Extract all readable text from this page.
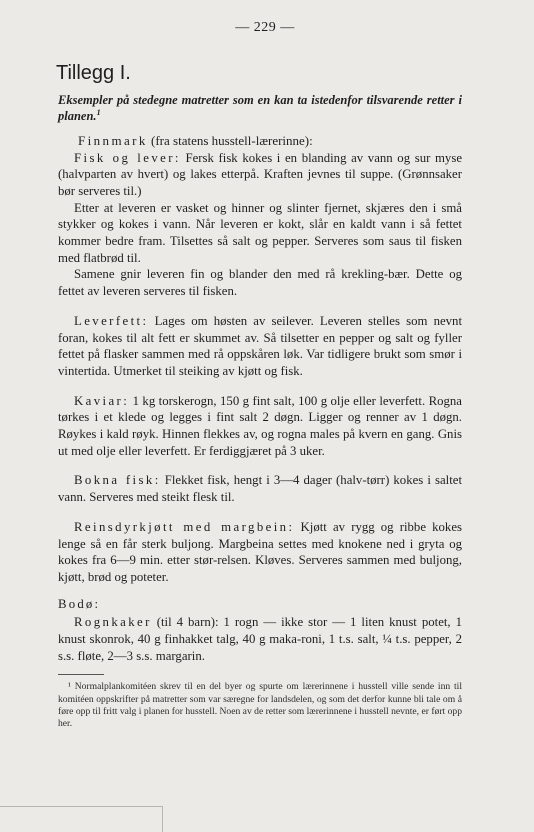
— 229 —
Tillegg I.
Eksempler på stedegne matretter som en kan ta istedenfor tilsvarende retter i planen.$^1$
Finnmark (fra statens husstell-lærerinne):

Fisk og lever: Fersk fisk kokes i en blanding av vann og sur myse (halvparten av hvert) og lakes etterpå. Kraften jevnes til suppe. (Grønnsaker bør serveres til.)

Etter at leveren er vasket og hinner og slinter fjernet, skjæres den i små stykker og kokes i vann. Når leveren er kokt, slår en kaldt vann i så fettet kommer bedre fram. Tilsettes så salt og pepper. Serveres som saus til fisken med flatbrød til.

Samene gnir leveren fin og blander den med rå krekling-bær. Dette og fettet av leveren serveres til fisken.

Leverfett: Lages om høsten av seilever. Leveren stelles som nevnt foran, kokes til alt fett er skummet av. Så tilsetter en pepper og salt og fyller fettet på flasker sammen med rå oppskåren løk. Var tidligere brukt som smør i vintertida. Utmerket til steiking av kjøtt og fisk.

Kaviar: 1 kg torskerogn, 150 g fint salt, 100 g olje eller leverfett. Rogna tørkes i et klede og legges i fint salt 2 døgn. Ligger og renner av 1 døgn. Røykes i kald røyk. Hinnen flekkes av, og rogna males på kvern en gang. Gnis ut med olje eller leverfett. Er ferdiggjæret på 3 uker.

Bokna fisk: Flekket fisk, hengt i 3—4 dager (halv-tørr) kokes i saltet vann. Serveres med steikt flesk til.

Reinsdyrkjøtt med margbein: Kjøtt av rygg og ribbe kokes lenge så en får sterk buljong. Margbeina settes med knokene ned i gryta og kokes fra 6—9 min. etter stør-relsen. Kløves. Serveres sammen med buljong, kjøtt, brød og poteter.

Bodø:

Rognkaker (til 4 barn): 1 rogn — ikke stor — 1 liten knust potet, 1 knust skonrok, 40 g finhakket talg, 40 g maka-roni, 1 t.s. salt, ¼ t.s. pepper, 2 s.s. fløte, 2—3 s.s. margarin.

¹ Normalplankomitéen skrev til en del byer og spurte om lærerinnene i husstell ville sende inn til komitéen oppskrifter på matretter som var særegne for landsdelen, og som det derfor kunne bli tale om å føre opp til fritt valg i planen for husstell. Noen av de retter som lærerinnene i husstell nevnte, er ført opp her.
